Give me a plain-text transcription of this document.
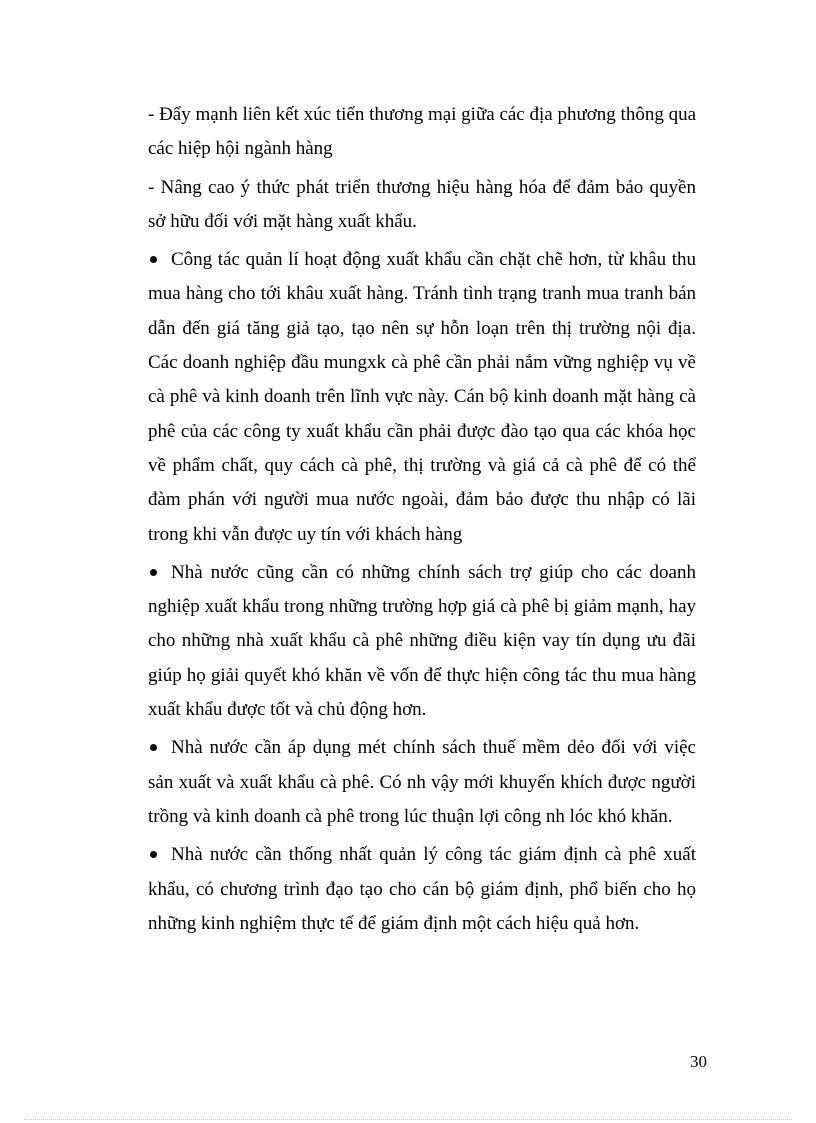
- Đẩy mạnh liên kết xúc tiến thương mại giữa các địa phương thông qua các hiệp hội ngành hàng

- Nâng cao ý thức phát triển thương hiệu hàng hóa để đảm bảo quyền sở hữu đối với mặt hàng xuất khẩu.

Công tác quản lí hoạt động xuất khẩu cần chặt chẽ hơn, từ khâu thu mua hàng cho tới khâu xuất hàng. Tránh tình trạng tranh mua tranh bán dẫn đến giá tăng giả tạo, tạo nên sự hỗn loạn trên thị trường nội địa. Các doanh nghiệp đầu mungxk cà phê cần phải nắm vững nghiệp vụ về cà phê và kinh doanh trên lĩnh vực này. Cán bộ kinh doanh mặt hàng cà phê của các công ty xuất khẩu cần phải được đào tạo qua các khóa học về phẩm chất, quy cách cà phê, thị trường và giá cả cà phê để có thể đàm phán với người mua nước ngoài, đảm bảo được thu nhập có lãi trong khi vẫn được uy tín với khách hàng

Nhà nước cũng cần có những chính sách trợ giúp cho các doanh nghiệp xuất khẩu trong những trường hợp giá cà phê bị giảm mạnh, hay cho những nhà xuất khẩu cà phê những điều kiện vay tín dụng ưu đãi giúp họ giải quyết khó khăn về vốn để thực hiện công tác thu mua hàng xuất khẩu được tốt và chủ động hơn.

Nhà nước cần áp dụng mét chính sách thuế mềm dẻo đối với việc sản xuất và xuất khẩu cà phê. Có nh vậy mới khuyến khích được người trồng và kinh doanh cà phê trong lúc thuận lợi công nh lóc khó khăn.

Nhà nước cần thống nhất quản lý công tác giám định cà phê xuất khẩu, có chương trình đạo tạo cho cán bộ giám định, phổ biến cho họ những kinh nghiệm thực tế để giám định một cách hiệu quả hơn.

30
